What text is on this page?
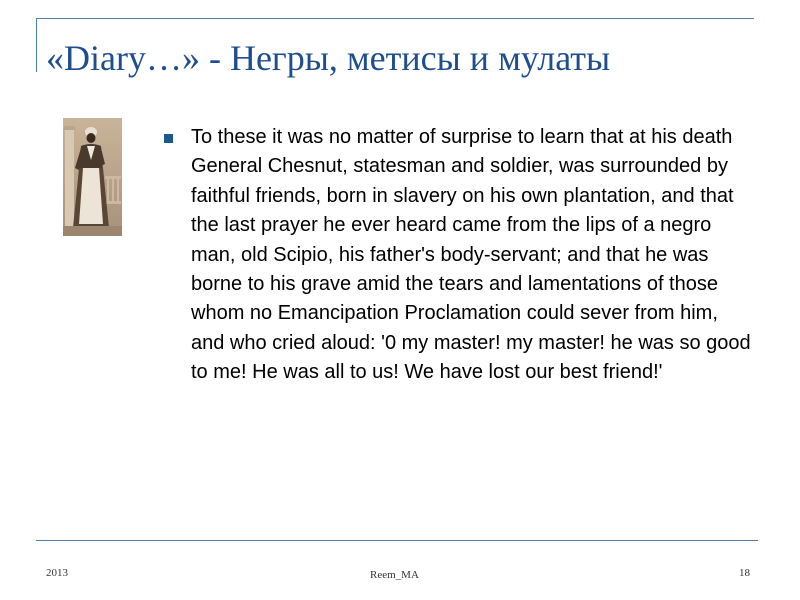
«Diary…» - Негры, метисы и мулаты

To these it was no matter of surprise to learn that at his death General Chesnut, statesman and soldier, was surrounded by faithful friends, born in slavery on his own plantation, and that the last prayer he ever heard came from the lips of a negro man, old Scipio, his father's body-servant; and that he was borne to his grave amid the tears and lamentations of those whom no Emancipation Proclamation could sever from him, and who cried aloud: '0 my master! my master! he was so good to me! He was all to us! We have lost our best friend!'

2013	Reem_MA	18
